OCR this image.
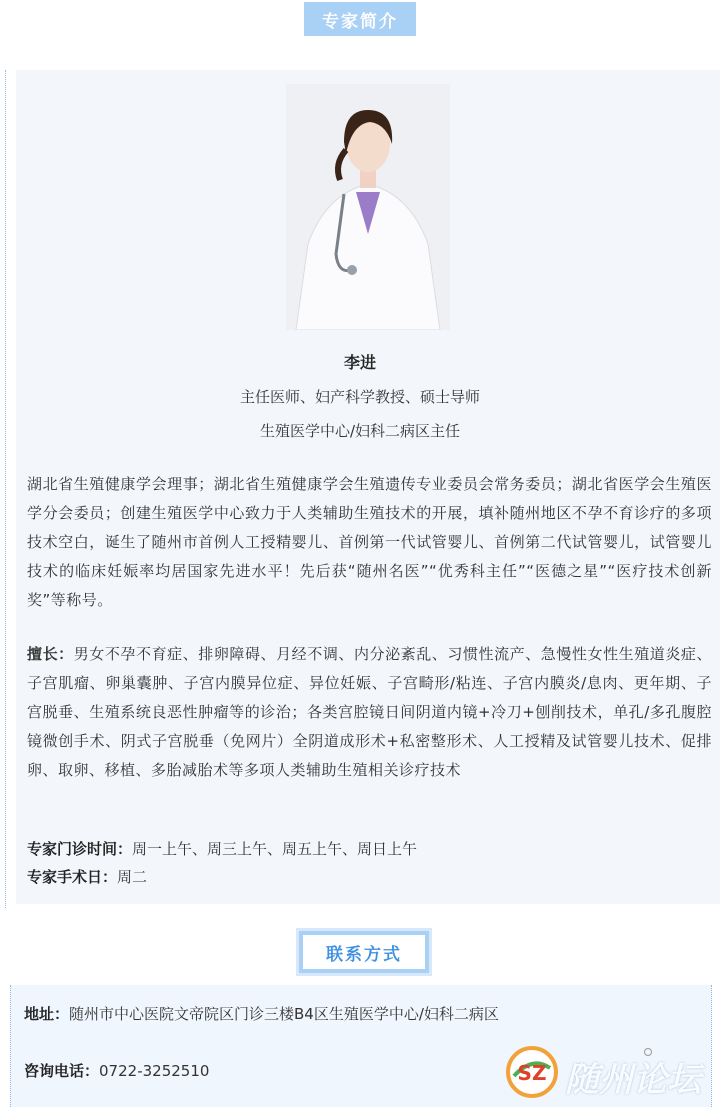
专家简介
李进
主任医师、妇产科学教授、硕士导师
生殖医学中心/妇科二病区主任
湖北省生殖健康学会理事；湖北省生殖健康学会生殖遗传专业委员会常务委员；湖北省医学会生殖医学分会委员；创建生殖医学中心致力于人类辅助生殖技术的开展，填补随州地区不孕不育诊疗的多项技术空白，诞生了随州市首例人工授精婴儿、首例第一代试管婴儿、首例第二代试管婴儿，试管婴儿技术的临床妊娠率均居国家先进水平！先后获“随州名医”“优秀科主任”“医德之星”“医疗技术创新奖”等称号。
擅长：男女不孕不育症、排卵障碍、月经不调、内分泌紊乱、习惯性流产、急慢性女性生殖道炎症、子宫肌瘤、卵巢囊肿、子宫内膜异位症、异位妊娠、子宫畸形/粘连、子宫内膜炎/息肉、更年期、子宫脱垂、生殖系统良恶性肿瘤等的诊治；各类宫腔镜日间阴道内镜+冷刀+刨削技术，单孔/多孔腹腔镜微创手术、阴式子宫脱垂（免网片）全阴道成形术+私密整形术、人工授精及试管婴儿技术、促排卵、取卵、移植、多胎减胎术等多项人类辅助生殖相关诊疗技术
专家门诊时间：周一上午、周三上午、周五上午、周日上午
专家手术日：周二
联系方式
地址：随州市中心医院文帝院区门诊三楼B4区生殖医学中心/妇科二病区
咨询电话：0722-3252510	SZ 随州论坛
